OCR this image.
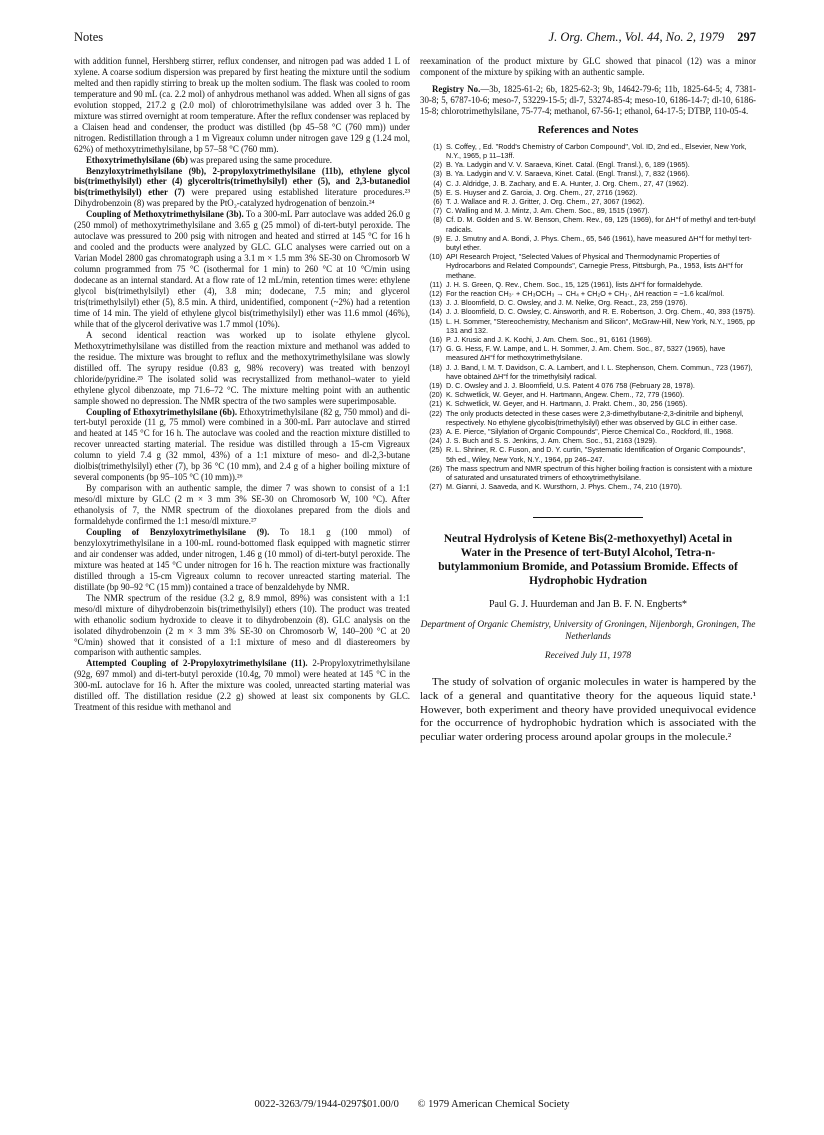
Notes	J. Org. Chem., Vol. 44, No. 2, 1979 297

with addition funnel, Hershberg stirrer, reflux condenser, and nitrogen pad was added 1 L of xylene. A coarse sodium dispersion was prepared by first heating the mixture until the sodium melted and then rapidly stirring to break up the molten sodium. The flask was cooled to room temperature and 90 mL (ca. 2.2 mol) of anhydrous methanol was added. When all signs of gas evolution stopped, 217.2 g (2.0 mol) of chlorotrimethylsilane was added over 3 h. The mixture was stirred overnight at room temperature. After the reflux condenser was replaced by a Claisen head and condenser, the product was distilled (bp 45–58 °C (760 mm)) under nitrogen. Redistillation through a 1 m Vigreaux column under nitrogen gave 129 g (1.24 mol, 62%) of methoxytrimethylsilane, bp 57–58 °C (760 mm).

Ethoxytrimethylsilane (6b) was prepared using the same procedure.

Benzyloxytrimethylsilane (9b), 2-propyloxytrimethylsilane (11b), ethylene glycol bis(trimethylsilyl) ether (4) glyceroltris(trimethylsilyl) ether (5), and 2,3-butanediol bis(trimethylsilyl) ether (7) were prepared using established literature procedures.²³ Dihydrobenzoin (8) was prepared by the PtO₂-catalyzed hydrogenation of benzoin.²⁴

Coupling of Methoxytrimethylsilane (3b). To a 300-mL Parr autoclave was added 26.0 g (250 mmol) of methoxytrimethylsilane and 3.65 g (25 mmol) of di-tert-butyl peroxide. The autoclave was pressured to 200 psig with nitrogen and heated and stirred at 145 °C for 16 h and cooled and the products were analyzed by GLC. GLC analyses were carried out on a Varian Model 2800 gas chromatograph using a 3.1 m × 1.5 mm 3% SE-30 on Chromosorb W column programmed from 75 °C (isothermal for 1 min) to 260 °C at 10 °C/min using dodecane as an internal standard. At a flow rate of 12 mL/min, retention times were: ethylene glycol bis(trimethylsilyl) ether (4), 3.8 min; dodecane, 7.5 min; and glycerol tris(trimethylsilyl) ether (5), 8.5 min. A third, unidentified, component (~2%) had a retention time of 14 min. The yield of ethylene glycol bis(trimethylsilyl) ether was 11.6 mmol (46%), while that of the glycerol derivative was 1.7 mmol (10%).

A second identical reaction was worked up to isolate ethylene glycol. Methoxytrimethylsilane was distilled from the reaction mixture and methanol was added to the residue. The mixture was brought to reflux and the methoxytrimethylsilane was slowly distilled off. The syrupy residue (0.83 g, 98% recovery) was treated with benzoyl chloride/pyridine.²⁵ The isolated solid was recrystallized from methanol–water to yield ethylene glycol dibenzoate, mp 71.6–72 °C. The mixture melting point with an authentic sample showed no depression. The NMR spectra of the two samples were superimposable.

Coupling of Ethoxytrimethylsilane (6b). Ethoxytrimethylsilane (82 g, 750 mmol) and di-tert-butyl peroxide (11 g, 75 mmol) were combined in a 300-mL Parr autoclave and stirred and heated at 145 °C for 16 h. The autoclave was cooled and the reaction mixture distilled to recover unreacted starting material. The residue was distilled through a 15-cm Vigreaux column to yield 7.4 g (32 mmol, 43%) of a 1:1 mixture of meso- and dl-2,3-butane diolbis(trimethylsilyl) ether (7), bp 36 °C (10 mm), and 2.4 g of a higher boiling mixture of several components (bp 95–105 °C (10 mm)).²⁶

By comparison with an authentic sample, the dimer 7 was shown to consist of a 1:1 meso/dl mixture by GLC (2 m × 3 mm 3% SE-30 on Chromosorb W, 100 °C). After ethanolysis of 7, the NMR spectrum of the dioxolanes prepared from the diols and formaldehyde confirmed the 1:1 meso/dl mixture.²⁷

Coupling of Benzyloxytrimethylsilane (9). To 18.1 g (100 mmol) of benzyloxytrimethylsilane in a 100-mL round-bottomed flask equipped with magnetic stirrer and air condenser was added, under nitrogen, 1.46 g (10 mmol) of di-tert-butyl peroxide. The mixture was heated at 145 °C under nitrogen for 16 h. The reaction mixture was fractionally distilled through a 15-cm Vigreaux column to recover unreacted starting material. The distillate (bp 90–92 °C (15 mm)) contained a trace of benzaldehyde by NMR.

The NMR spectrum of the residue (3.2 g, 8.9 mmol, 89%) was consistent with a 1:1 meso/dl mixture of dihydrobenzoin bis(trimethylsilyl) ethers (10). The product was treated with ethanolic sodium hydroxide to cleave it to dihydrobenzoin (8). GLC analysis on the isolated dihydrobenzoin (2 m × 3 mm 3% SE-30 on Chromosorb W, 140–200 °C at 20 °C/min) showed that it consisted of a 1:1 mixture of meso and dl diastereomers by comparison with authentic samples.

Attempted Coupling of 2-Propyloxytrimethylsilane (11). 2-Propyloxytrimethylsilane (92g, 697 mmol) and di-tert-butyl peroxide (10.4g, 70 mmol) were heated at 145 °C in the 300-mL autoclave for 16 h. After the mixture was cooled, unreacted starting material was distilled off. The distillation residue (2.2 g) showed at least six components by GLC. Treatment of this residue with methanol and

reexamination of the product mixture by GLC showed that pinacol (12) was a minor component of the mixture by spiking with an authentic sample.

Registry No.—3b, 1825-61-2; 6b, 1825-62-3; 9b, 14642-79-6; 11b, 1825-64-5; 4, 7381-30-8; 5, 6787-10-6; meso-7, 53229-15-5; dl-7, 53274-85-4; meso-10, 6186-14-7; dl-10, 6186-15-8; chlorotrimethylsilane, 75-77-4; methanol, 67-56-1; ethanol, 64-17-5; DTBP, 110-05-4.

References and Notes
(1) S. Coffey, , Ed. "Rodd's Chemistry of Carbon Compound", Vol. ID, 2nd ed., Elsevier, New York, N.Y., 1965, p 11–13ff.
(2) B. Ya. Ladygin and V. V. Saraeva, Kinet. Catal. (Engl. Transl.), 6, 189 (1965).
(3) B. Ya. Ladygin and V. V. Saraeva, Kinet. Catal. (Engl. Transl.), 7, 832 (1966).
(4) C. J. Aldridge, J. B. Zachary, and E. A. Hunter, J. Org. Chem., 27, 47 (1962).
(5) E. S. Huyser and Z. Garcia, J. Org. Chem., 27, 2716 (1962).
(6) T. J. Wallace and R. J. Gritter, J. Org. Chem., 27, 3067 (1962).
(7) C. Walling and M. J. Mintz, J. Am. Chem. Soc., 89, 1515 (1967).
(8) Cf. D. M. Golden and S. W. Benson, Chem. Rev., 69, 125 (1969), for ΔH°f of methyl and tert-butyl radicals.
(9) E. J. Smutny and A. Bondi, J. Phys. Chem., 65, 546 (1961), have measured ΔH°f for methyl tert-butyl ether.
(10) API Research Project, "Selected Values of Physical and Thermodynamic Properties of Hydrocarbons and Related Compounds", Carnegie Press, Pittsburgh, Pa., 1953, lists ΔH°f for methane.
(11) J. H. S. Green, Q. Rev., Chem. Soc., 15, 125 (1961), lists ΔH°f for formaldehyde.
(12) For the reaction CH₃· + CH₃OCH₃ → CH₄ + CH₂O + CH₃·, ΔH reaction = −1.6 kcal/mol.
(13) J. J. Bloomfield, D. C. Owsley, and J. M. Nelke, Org. React., 23, 259 (1976).
(14) J. J. Bloomfield, D. C. Owsley, C. Ainsworth, and R. E. Robertson, J. Org. Chem., 40, 393 (1975).
(15) L. H. Sommer, "Stereochemistry, Mechanism and Silicon", McGraw-Hill, New York, N.Y., 1965, pp 131 and 132.
(16) P. J. Krusic and J. K. Kochi, J. Am. Chem. Soc., 91, 6161 (1969).
(17) G. G. Hess, F. W. Lampe, and L. H. Sommer, J. Am. Chem. Soc., 87, 5327 (1965), have measured ΔH°f for methoxytrimethylsilane.
(18) J. J. Band, I. M. T. Davidson, C. A. Lambert, and I. L. Stephenson, Chem. Commun., 723 (1967), have obtained ΔH°f for the trimethylsilyl radical.
(19) D. C. Owsley and J. J. Bloomfield, U.S. Patent 4 076 758 (February 28, 1978).
(20) K. Schwetlick, W. Geyer, and H. Hartmann, Angew. Chem., 72, 779 (1960).
(21) K. Schwetlick, W. Geyer, and H. Hartmann, J. Prakt. Chem., 30, 256 (1965).
(22) The only products detected in these cases were 2,3-dimethylbutane-2,3-dinitrile and biphenyl, respectively. No ethylene glycolbis(trimethylsilyl) ether was observed by GLC in either case.
(23) A. E. Pierce, "Silylation of Organic Compounds", Pierce Chemical Co., Rockford, Ill., 1968.
(24) J. S. Buch and S. S. Jenkins, J. Am. Chem. Soc., 51, 2163 (1929).
(25) R. L. Shriner, R. C. Fuson, and D. Y. curtin, "Systematic Identification of Organic Compounds", 5th ed., Wiley, New York, N.Y., 1964, pp 246–247.
(26) The mass spectrum and NMR spectrum of this higher boiling fraction is consistent with a mixture of saturated and unsaturated trimers of ethoxytrimethylsilane.
(27) M. Gianni, J. Saaveda, and K. Wursthorn, J. Phys. Chem., 74, 210 (1970).
Neutral Hydrolysis of Ketene Bis(2-methoxyethyl) Acetal in Water in the Presence of tert-Butyl Alcohol, Tetra-n-butylammonium Bromide, and Potassium Bromide. Effects of Hydrophobic Hydration
Paul G. J. Huurdeman and Jan B. F. N. Engberts*
Department of Organic Chemistry, University of Groningen, Nijenborgh, Groningen, The Netherlands
Received July 11, 1978

The study of solvation of organic molecules in water is hampered by the lack of a general and quantitative theory for the aqueous liquid state.¹ However, both experiment and theory have provided unequivocal evidence for the occurrence of hydrophobic hydration which is associated with the peculiar water ordering process around apolar groups in the molecule.²

0022-3263/79/1944-0297$01.00/0 © 1979 American Chemical Society
